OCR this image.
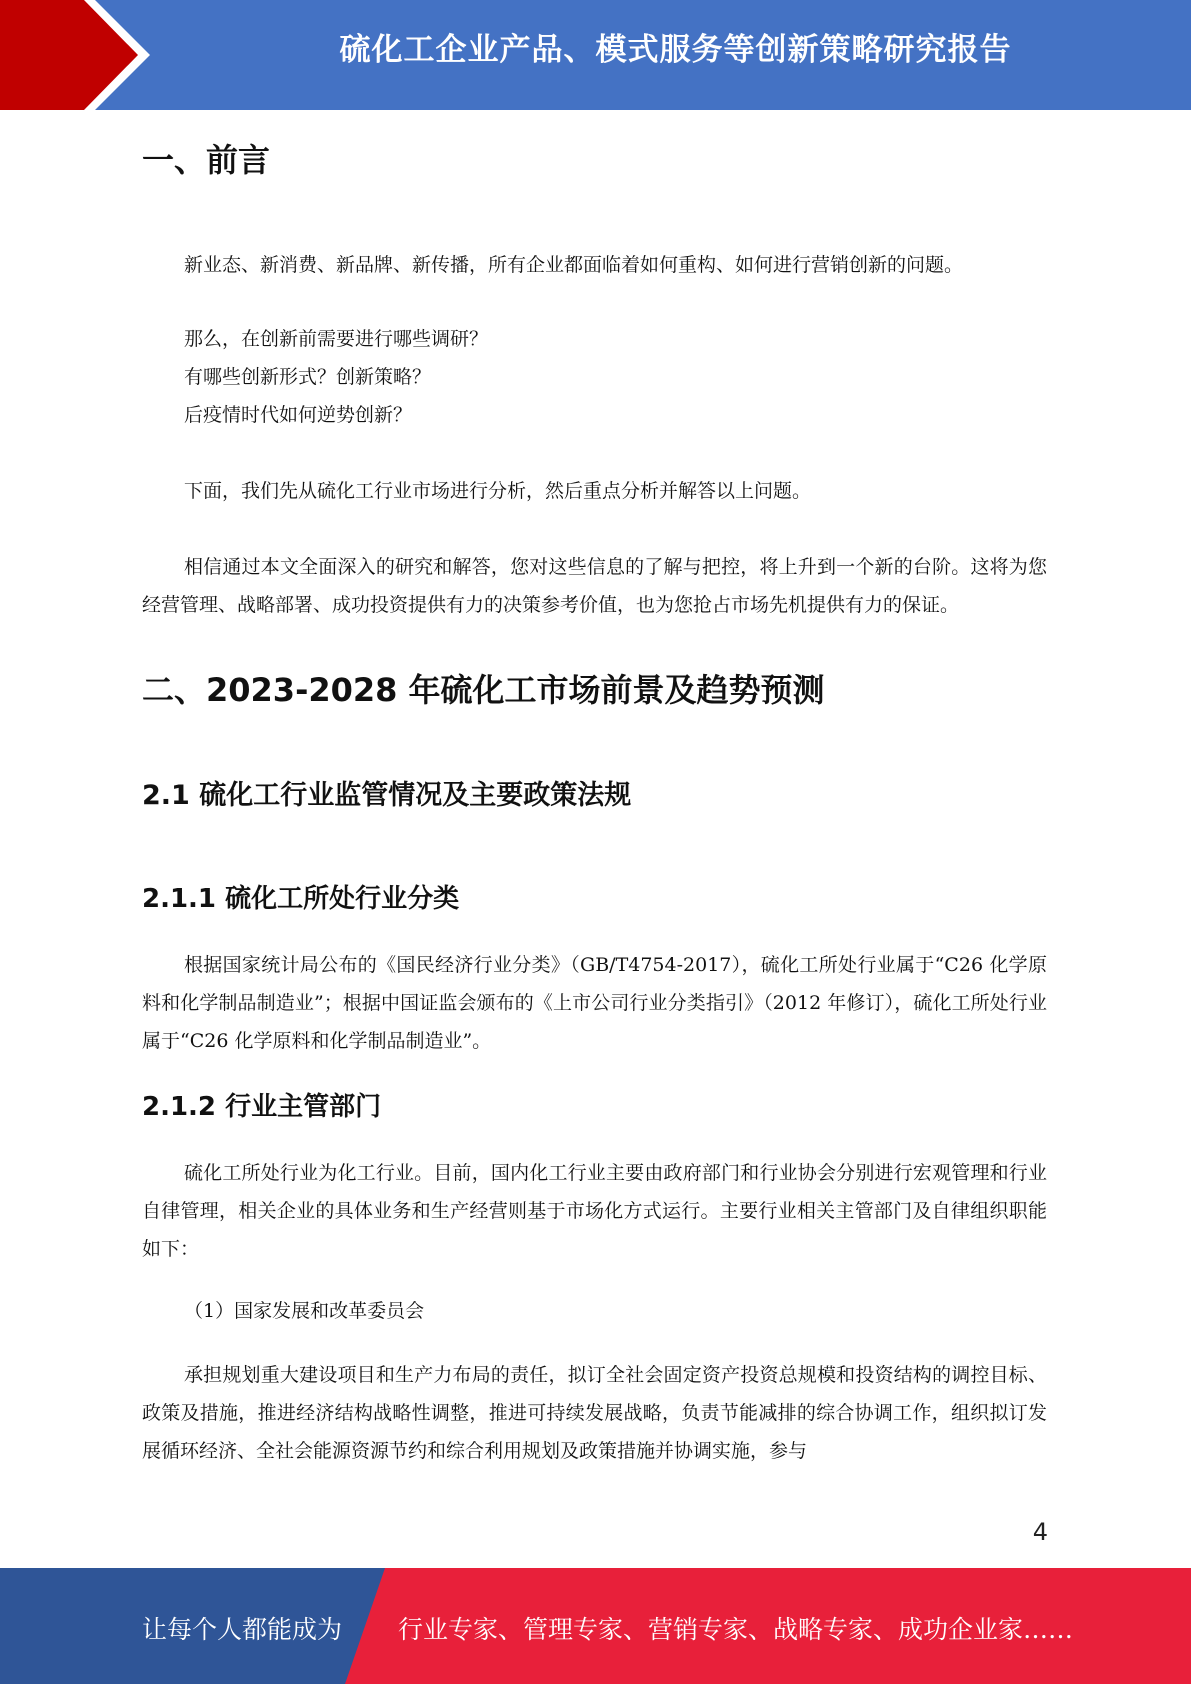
硫化工企业产品、模式服务等创新策略研究报告
一、前言

新业态、新消费、新品牌、新传播，所有企业都面临着如何重构、如何进行营销创新的问题。

那么，在创新前需要进行哪些调研？

有哪些创新形式？创新策略？

后疫情时代如何逆势创新？

下面，我们先从硫化工行业市场进行分析，然后重点分析并解答以上问题。

相信通过本文全面深入的研究和解答，您对这些信息的了解与把控，将上升到一个新的台阶。这将为您经营管理、战略部署、成功投资提供有力的决策参考价值，也为您抢占市场先机提供有力的保证。

二、2023-2028 年硫化工市场前景及趋势预测
2.1 硫化工行业监管情况及主要政策法规
2.1.1 硫化工所处行业分类

根据国家统计局公布的《国民经济行业分类》（GB/T4754-2017），硫化工所处行业属于“C26 化学原料和化学制品制造业”；根据中国证监会颁布的《上市公司行业分类指引》（2012 年修订），硫化工所处行业属于“C26 化学原料和化学制品制造业”。

2.1.2 行业主管部门

硫化工所处行业为化工行业。目前，国内化工行业主要由政府部门和行业协会分别进行宏观管理和行业自律管理，相关企业的具体业务和生产经营则基于市场化方式运行。主要行业相关主管部门及自律组织职能如下：

（1）国家发展和改革委员会

承担规划重大建设项目和生产力布局的责任，拟订全社会固定资产投资总规模和投资结构的调控目标、政策及措施，推进经济结构战略性调整，推进可持续发展战略，负责节能减排的综合协调工作，组织拟订发展循环经济、全社会能源资源节约和综合利用规划及政策措施并协调实施，参与

4
让每个人都能成为 行业专家、管理专家、营销专家、战略专家、成功企业家……
